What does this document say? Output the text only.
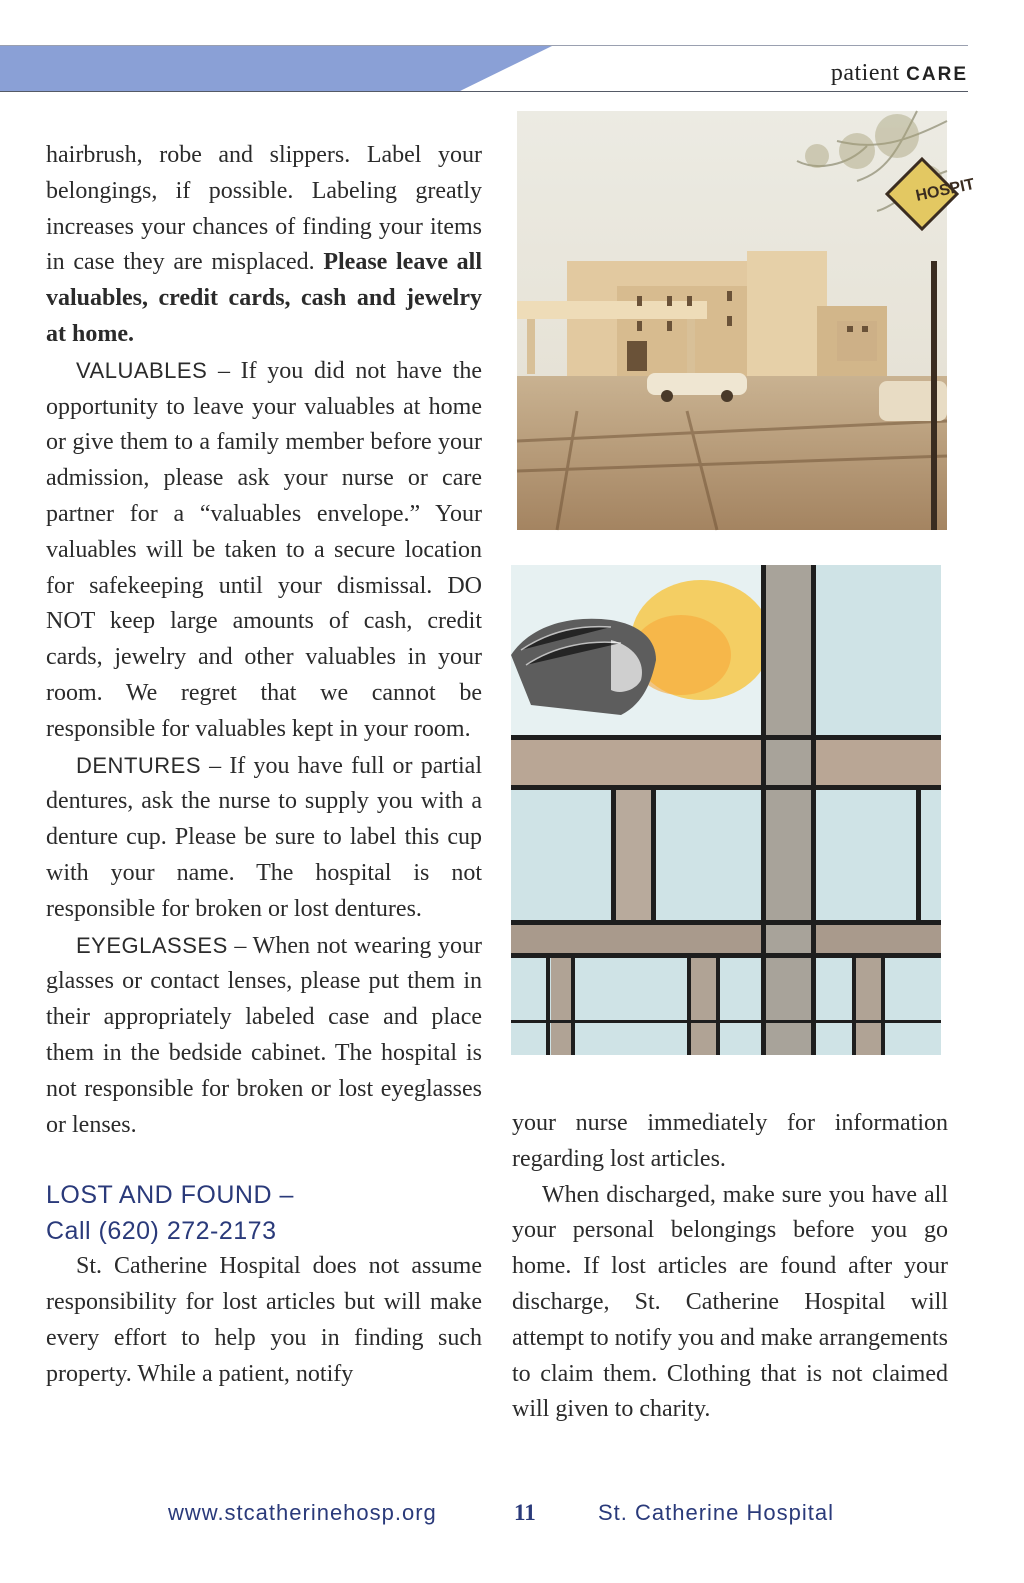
patient CARE

hairbrush, robe and slippers. Label your belongings, if possible. Labeling greatly increases your chances of finding your items in case they are misplaced. Please leave all valuables, credit cards, cash and jewelry at home.

VALUABLES – If you did not have the opportunity to leave your valuables at home or give them to a family member before your admission, please ask your nurse or care partner for a “valuables envelope.” Your valuables will be taken to a secure location for safekeeping until your dismissal. DO NOT keep large amounts of cash, credit cards, jewelry and other valuables in your room. We regret that we cannot be responsible for valuables kept in your room.

DENTURES – If you have full or partial dentures, ask the nurse to supply you with a denture cup. Please be sure to label this cup with your name. The hospital is not responsible for broken or lost dentures.

EYEGLASSES – When not wearing your glasses or contact lenses, please put them in their appropriately labeled case and place them in the bedside cabinet. The hospital is not responsible for broken or lost eyeglasses or lenses.

LOST AND FOUND –
Call (620) 272-2173

St. Catherine Hospital does not assume responsibility for lost articles but will make every effort to help you in finding such property. While a patient, notify

HOSPIT

your nurse immediately for information regarding lost articles.

When discharged, make sure you have all your personal belongings before you go home. If lost articles are found after your discharge, St. Catherine Hospital will attempt to notify you and make arrangements to claim them. Clothing that is not claimed will given to charity.

www.stcatherinehosp.org	11	St. Catherine Hospital
